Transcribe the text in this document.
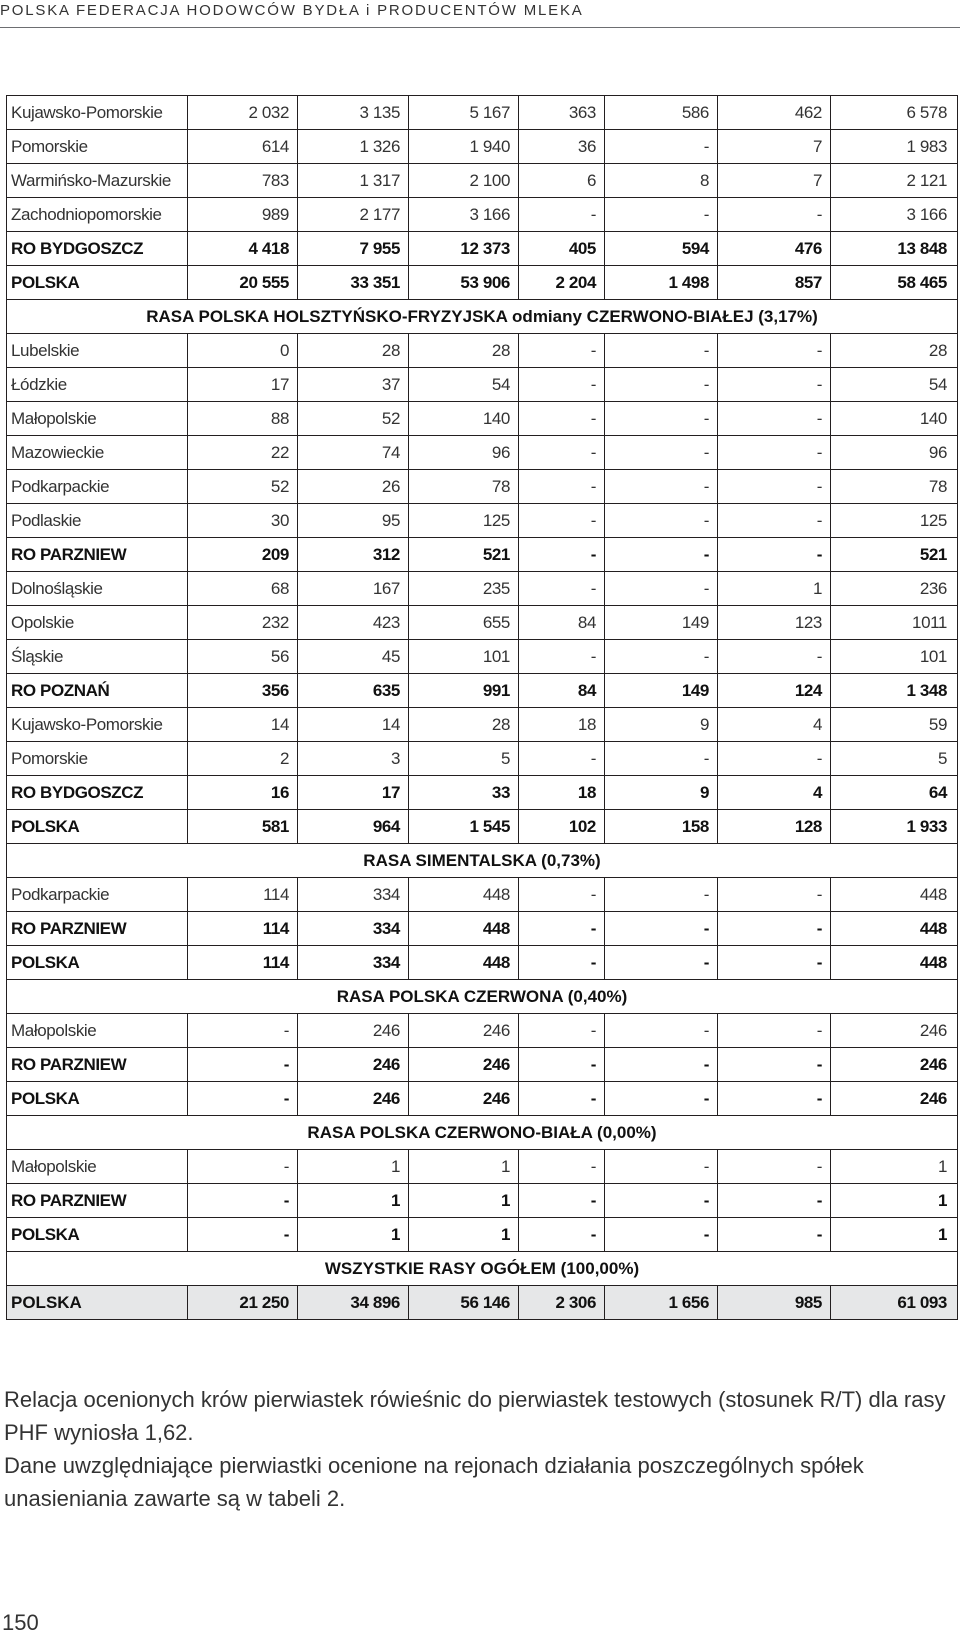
POLSKA FEDERACJA HODOWCÓW BYDŁA i PRODUCENTÓW MLEKA
Kujawsko-Pomorskie	2 032	3 135	5 167	363	586	462	6 578
Pomorskie	614	1 326	1 940	36	-	7	1 983
Warmińsko-Mazurskie	783	1 317	2 100	6	8	7	2 121
Zachodniopomorskie	989	2 177	3 166	-	-	-	3 166
RO BYDGOSZCZ	4 418	7 955	12 373	405	594	476	13 848
POLSKA	20 555	33 351	53 906	2 204	1 498	857	58 465
RASA POLSKA HOLSZTYŃSKO-FRYZYJSKA odmiany CZERWONO-BIAŁEJ (3,17%)							
Lubelskie	0	28	28	-	-	-	28
Łódzkie	17	37	54	-	-	-	54
Małopolskie	88	52	140	-	-	-	140
Mazowieckie	22	74	96	-	-	-	96
Podkarpackie	52	26	78	-	-	-	78
Podlaskie	30	95	125	-	-	-	125
RO PARZNIEW	209	312	521	-	-	-	521
Dolnośląskie	68	167	235	-	-	1	236
Opolskie	232	423	655	84	149	123	1011
Śląskie	56	45	101	-	-	-	101
RO POZNAŃ	356	635	991	84	149	124	1 348
Kujawsko-Pomorskie	14	14	28	18	9	4	59
Pomorskie	2	3	5	-	-	-	5
RO BYDGOSZCZ	16	17	33	18	9	4	64
POLSKA	581	964	1 545	102	158	128	1 933
RASA SIMENTALSKA (0,73%)							
Podkarpackie	114	334	448	-	-	-	448
RO PARZNIEW	114	334	448	-	-	-	448
POLSKA	114	334	448	-	-	-	448
RASA POLSKA CZERWONA (0,40%)							
Małopolskie	-	246	246	-	-	-	246
RO PARZNIEW	-	246	246	-	-	-	246
POLSKA	-	246	246	-	-	-	246
RASA POLSKA CZERWONO-BIAŁA (0,00%)							
Małopolskie	-	1	1	-	-	-	1
RO PARZNIEW	-	1	1	-	-	-	1
POLSKA	-	1	1	-	-	-	1
WSZYSTKIE RASY OGÓŁEM (100,00%)							
POLSKA	21 250	34 896	56 146	2 306	1 656	985	61 093

Relacja ocenionych krów pierwiastek rówieśnic do pierwiastek testowych (stosunek R/T) dla rasy PHF wyniosła 1,62.

Dane uwzględniające pierwiastki ocenione na rejonach działania poszczególnych spółek unasieniania zawarte są w tabeli 2.

150
